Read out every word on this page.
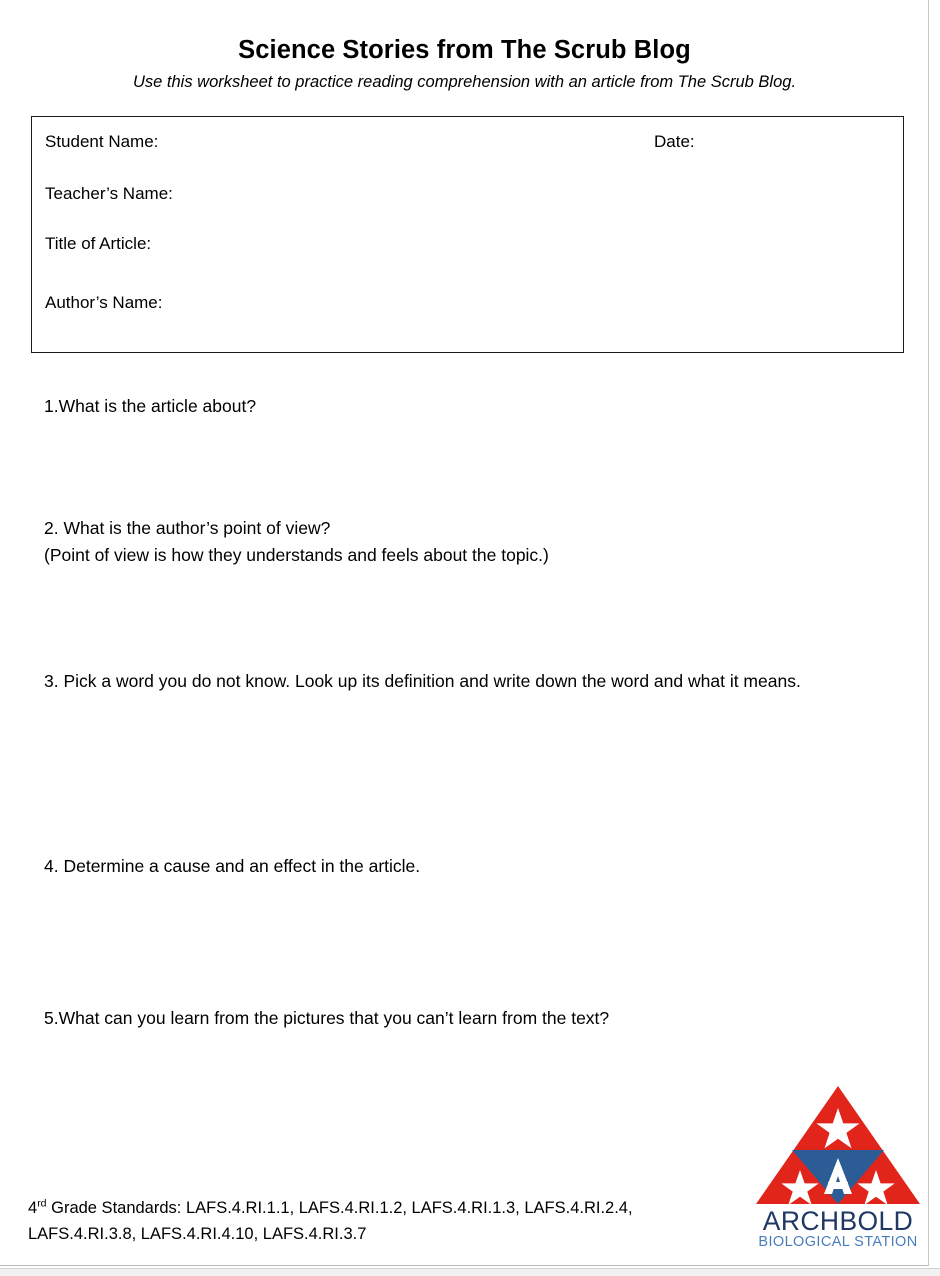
Science Stories from The Scrub Blog
Use this worksheet to practice reading comprehension with an article from The Scrub Blog.
Student Name:	Date:
Teacher’s Name:
Title of Article:
Author’s Name:
1.What is the article about?
2. What is the author’s point of view?
(Point of view is how they understands and feels about the topic.)
3. Pick a word you do not know. Look up its definition and write down the word and what it means.
4. Determine a cause and an effect in the article.
5.What can you learn from the pictures that you can’t learn from the text?
4rd Grade Standards: LAFS.4.RI.1.1, LAFS.4.RI.1.2, LAFS.4.RI.1.3, LAFS.4.RI.2.4, LAFS.4.RI.3.8, LAFS.4.RI.4.10, LAFS.4.RI.3.7	ARCHBOLD
BIOLOGICAL STATION
